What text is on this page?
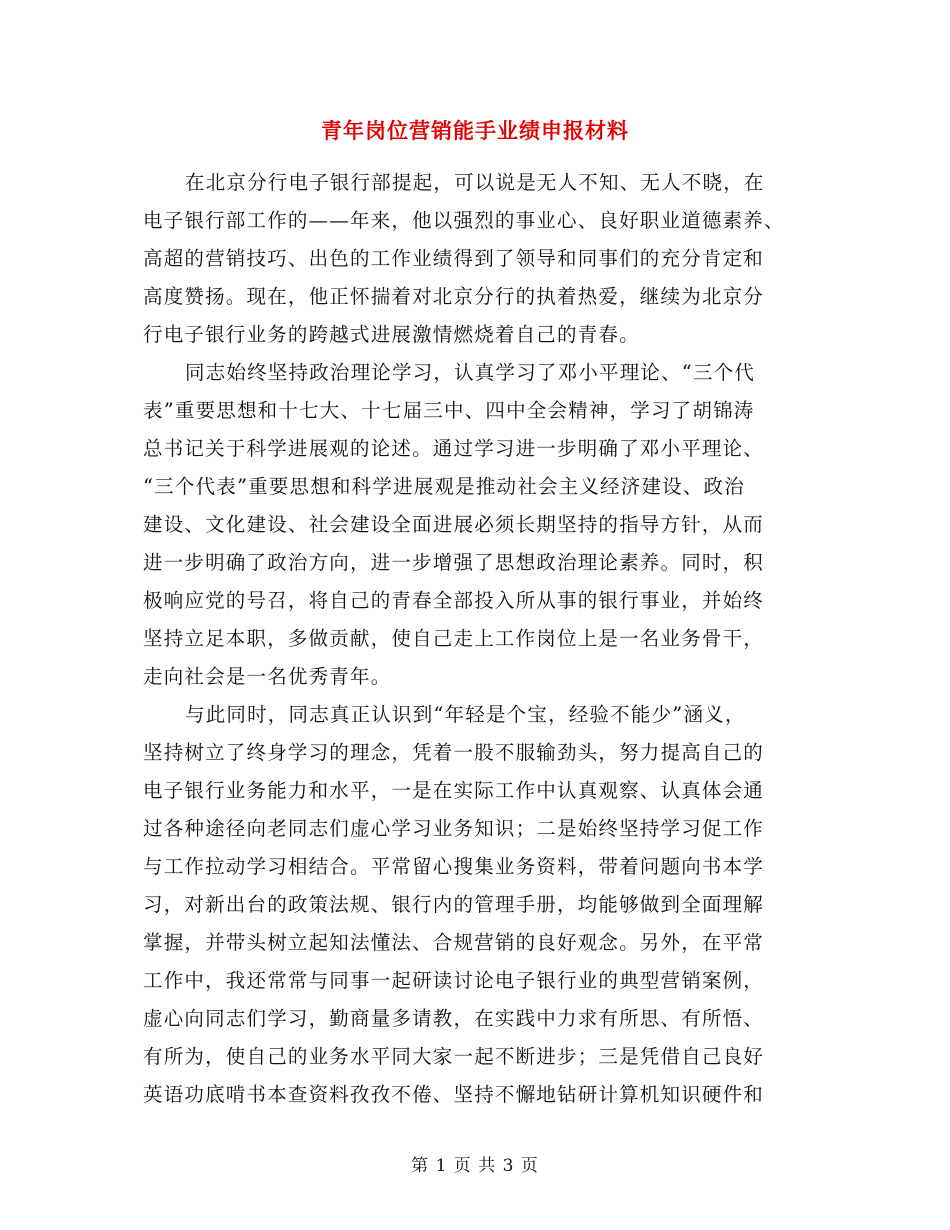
青年岗位营销能手业绩申报材料
在北京分行电子银行部提起，可以说是无人不知、无人不晓，在
电子银行部工作的——年来，他以强烈的事业心、良好职业道德素养、
高超的营销技巧、出色的工作业绩得到了领导和同事们的充分肯定和
高度赞扬。现在，他正怀揣着对北京分行的执着热爱，继续为北京分
行电子银行业务的跨越式进展激情燃烧着自己的青春。
同志始终坚持政治理论学习，认真学习了邓小平理论、“三个代
表”重要思想和十七大、十七届三中、四中全会精神，学习了胡锦涛
总书记关于科学进展观的论述。通过学习进一步明确了邓小平理论、
“三个代表”重要思想和科学进展观是推动社会主义经济建设、政治
建设、文化建设、社会建设全面进展必须长期坚持的指导方针，从而
进一步明确了政治方向，进一步增强了思想政治理论素养。同时，积
极响应党的号召，将自己的青春全部投入所从事的银行事业，并始终
坚持立足本职，多做贡献，使自己走上工作岗位上是一名业务骨干，
走向社会是一名优秀青年。
与此同时，同志真正认识到“年轻是个宝，经验不能少”涵义，
坚持树立了终身学习的理念，凭着一股不服输劲头，努力提高自己的
电子银行业务能力和水平，一是在实际工作中认真观察、认真体会通
过各种途径向老同志们虚心学习业务知识；二是始终坚持学习促工作
与工作拉动学习相结合。平常留心搜集业务资料，带着问题向书本学
习，对新出台的政策法规、银行内的管理手册，均能够做到全面理解
掌握，并带头树立起知法懂法、合规营销的良好观念。另外，在平常
工作中，我还常常与同事一起研读讨论电子银行业的典型营销案例，
虚心向同志们学习，勤商量多请教，在实践中力求有所思、有所悟、
有所为，使自己的业务水平同大家一起不断进步；三是凭借自己良好
英语功底啃书本查资料孜孜不倦、坚持不懈地钻研计算机知识硬件和
第 1 页 共 3 页
